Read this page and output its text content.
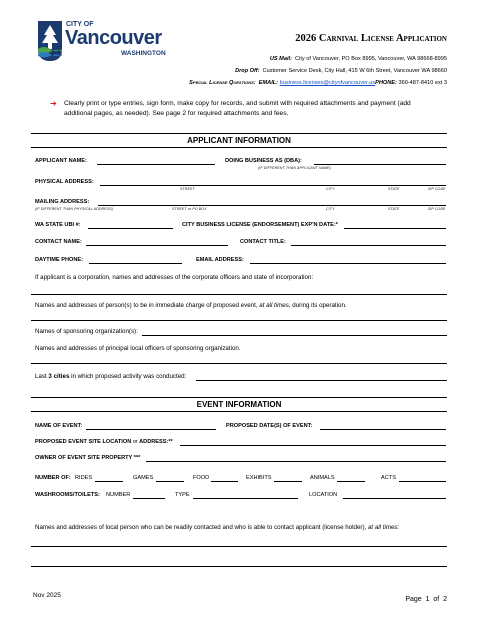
CITY OF
Vancouver
WASHINGTON
2026 Carnival License Application
US Mail: City of Vancouver, PO Box 8995, Vancouver, WA 98668-8995
Drop Off: Customer Service Desk, City Hall, 415 W 6th Street, Vancouver WA 98660
Special License Questions: EMAIL: business.licenses@cityofvancouver.usPHONE: 360-487-8410 ext 3
➔ Clearly print or type entries, sign form, make copy for records, and submit with required attachments and payment (add
additional pages, as needed). See page 2 for required attachments and fees.
APPLICANT INFORMATION
APPLICANT NAME:	DOING BUSINESS AS (DBA):
(IF DIFFERENT THAN APPLICANT NAME)
PHYSICAL ADDRESS:
STREET	CITY	STATE	ZIP CODE
MAILING ADDRESS:
(IF DIFFERENT THAN PHYSICAL ADDRESS)	STREET or PO BOX	CITY	STATE	ZIP CODE
WA STATE UBI #:	CITY BUSINESS LICENSE (ENDORSEMENT) EXP'N DATE:*
CONTACT NAME:	CONTACT TITLE:
DAYTIME PHONE:	EMAIL ADDRESS:
If applicant is a corporation, names and addresses of the corporate officers and state of incorporation:
Names and addresses of person(s) to be in immediate charge of proposed event, at all times, during its operation.
Names of sponsoring organization(s):
Names and addresses of principal local officers of sponsoring organization.
Last 3 cities in which proposed activity was conducted:
EVENT INFORMATION
NAME OF EVENT:	PROPOSED DATE(S) OF EVENT:
PROPOSED EVENT SITE LOCATION or ADDRESS:**
OWNER OF EVENT SITE PROPERTY ***
NUMBER OF: RIDES	GAMES	FOOD	EXHIBITS	ANIMALS	ACTS
WASHROOMS/TOILETS: NUMBER	TYPE	LOCATION
Names and addresses of local person who can be readily contacted and who is able to contact applicant (license holder), at all times:
Nov 2025
Page  1  of  2
